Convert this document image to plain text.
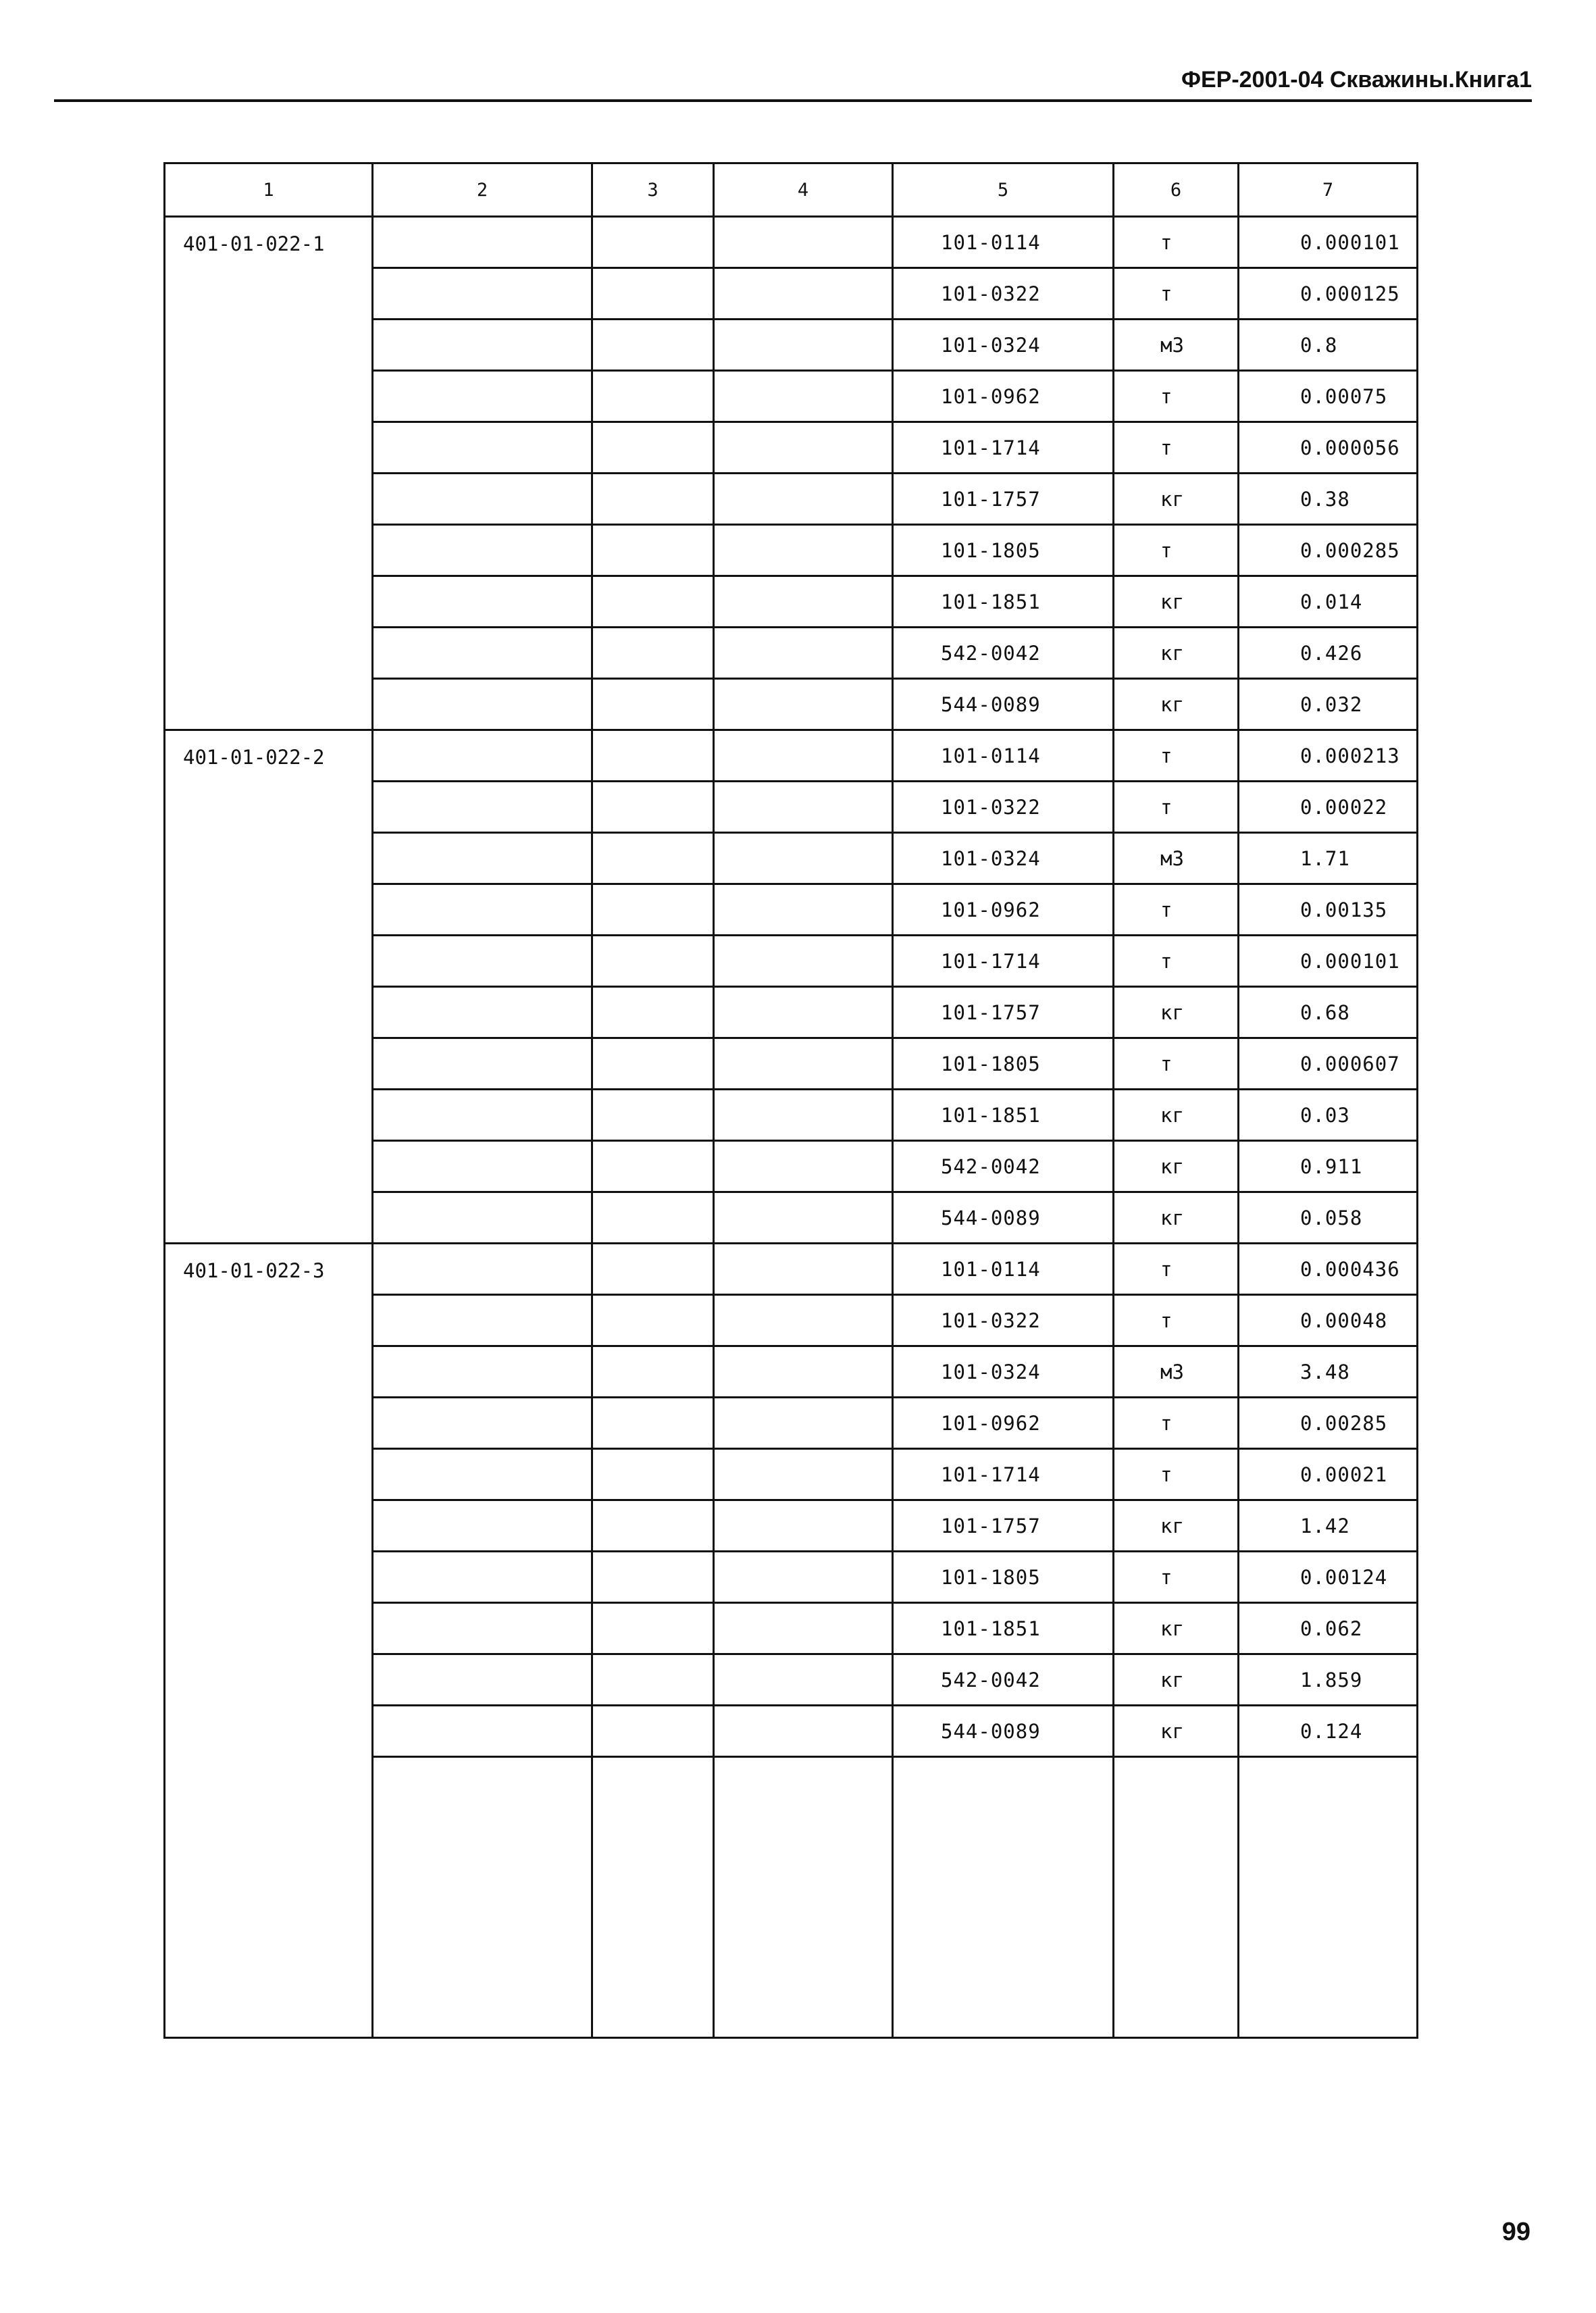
ФЕР-2001-04 Скважины.Книга1
1	2	3	4	5	6	7
401-01-022-1				101-0114	т	0.000101
				101-0322	т	0.000125
				101-0324	м3	0.8
				101-0962	т	0.00075
				101-1714	т	0.000056
				101-1757	кг	0.38
				101-1805	т	0.000285
				101-1851	кг	0.014
				542-0042	кг	0.426
				544-0089	кг	0.032
401-01-022-2				101-0114	т	0.000213
				101-0322	т	0.00022
				101-0324	м3	1.71
				101-0962	т	0.00135
				101-1714	т	0.000101
				101-1757	кг	0.68
				101-1805	т	0.000607
				101-1851	кг	0.03
				542-0042	кг	0.911
				544-0089	кг	0.058
401-01-022-3				101-0114	т	0.000436
				101-0322	т	0.00048
				101-0324	м3	3.48
				101-0962	т	0.00285
				101-1714	т	0.00021
				101-1757	кг	1.42
				101-1805	т	0.00124
				101-1851	кг	0.062
				542-0042	кг	1.859
				544-0089	кг	0.124

99
